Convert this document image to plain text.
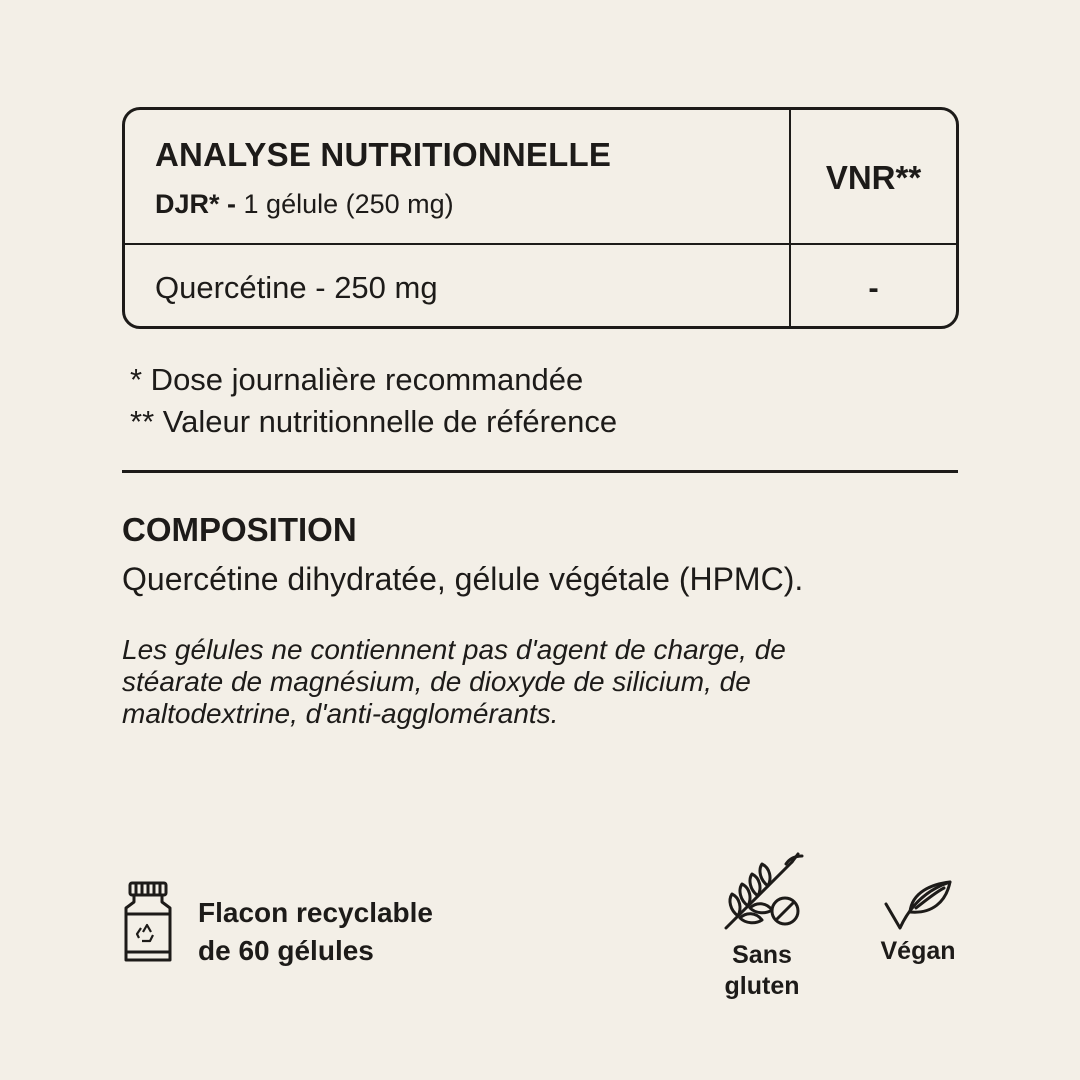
ANALYSE NUTRITIONNELLE
DJR* - 1 gélule (250 mg)
VNR**
Quercétine - 250 mg	-
* Dose journalière recommandée
** Valeur nutritionnelle de référence
COMPOSITION
Quercétine dihydratée, gélule végétale (HPMC).
Les gélules ne contiennent pas d'agent de charge, de
stéarate de magnésium, de dioxyde de silicium, de
maltodextrine, d'anti-agglomérants.
Flacon recyclable
de 60 gélules	Sans
gluten
Végan
